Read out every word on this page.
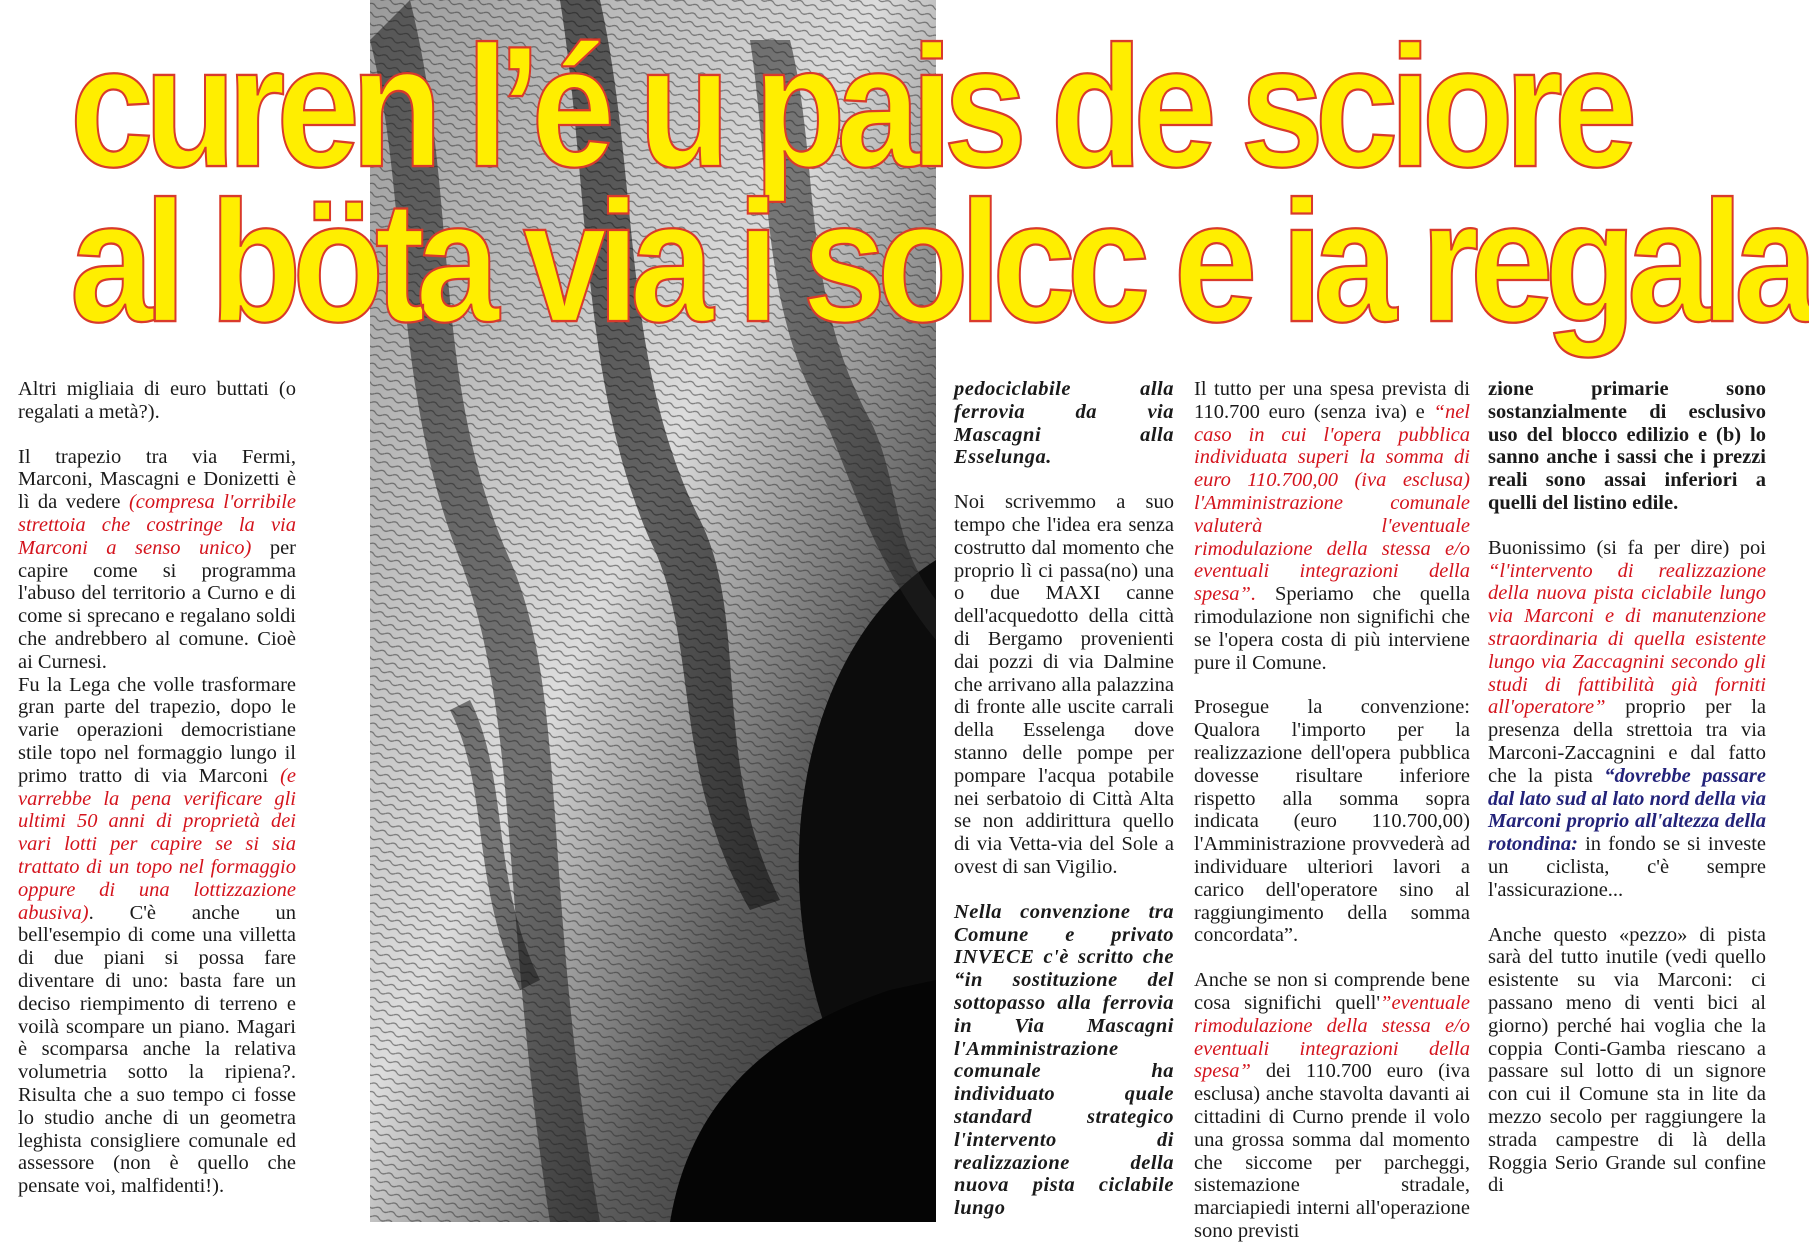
curen l’é u pais de sciore
al böta via i solcc e ia regala

Altri migliaia di euro buttati (o regalati a metà?).

Il trapezio tra via Fermi, Marconi, Mascagni e Donizetti è lì da vedere (compresa l'orribile strettoia che costringe la via Marconi a senso unico) per capire come si programma l'abuso del territorio a Curno e di come si sprecano e regalano soldi che andrebbero al comune. Cioè ai Curnesi.

Fu la Lega che volle trasformare gran parte del trapezio, dopo le varie operazioni democristiane stile topo nel formaggio lungo il primo tratto di via Marconi (e varrebbe la pena verificare gli ultimi 50 anni di proprietà dei vari lotti per capire se si sia trattato di un topo nel formaggio oppure di una lottizzazione abusiva). C'è anche un bell'esempio di come una villetta di due piani si possa fare diventare di uno: basta fare un deciso riempimento di terreno e voilà scompare un piano. Magari è scomparsa anche la relativa volumetria sotto la ripiena?. Risulta che a suo tempo ci fosse lo studio anche di un geometra leghista consigliere comunale ed assessore (non è quello che pensate voi, malfidenti!).

pedociclabile alla ferrovia da via Mascagni alla Esselunga.

Noi scrivemmo a suo tempo che l'idea era senza costrutto dal momento che proprio lì ci passa(no) una o due MAXI canne dell'acquedotto della città di Bergamo provenienti dai pozzi di via Dalmine che arrivano alla palazzina di fronte alle uscite carrali della Esselenga dove stanno delle pompe per pompare l'acqua potabile nei serbatoio di Città Alta se non addirittura quello di via Vetta-via del Sole a ovest di san Vigilio.

Nella convenzione tra Comune e privato INVECE c'è scritto che “in sostituzione del sottopasso alla ferrovia in Via Mascagni l'Amministrazione comunale ha individuato quale standard strategico l'intervento di realizzazione della nuova pista ciclabile lungo

Il tutto per una spesa prevista di 110.700 euro (senza iva) e “nel caso in cui l'opera pubblica individuata superi la somma di euro 110.700,00 (iva esclusa) l'Amministrazione comunale valuterà l'eventuale rimodulazione della stessa e/o eventuali integrazioni della spesa”. Speriamo che quella rimodulazione non significhi che se l'opera costa di più interviene pure il Comune.

Prosegue la convenzione: Qualora l'importo per la realizzazione dell'opera pubblica dovesse risultare inferiore rispetto alla somma sopra indicata (euro 110.700,00) l'Amministrazione provvederà ad individuare ulteriori lavori a carico dell'operatore sino al raggiungimento della somma concordata”.

Anche se non si comprende bene cosa significhi quell'”eventuale rimodulazione della stessa e/o eventuali integrazioni della spesa” dei 110.700 euro (iva esclusa) anche stavolta davanti ai cittadini di Curno prende il volo una grossa somma dal momento che siccome per parcheggi, sistemazione stradale, marciapiedi interni all'operazione sono previsti

zione primarie sono sostanzialmente di esclusivo uso del blocco edilizio e (b) lo sanno anche i sassi che i prezzi reali sono assai inferiori a quelli del listino edile.

Buonissimo (si fa per dire) poi “l'intervento di realizzazione della nuova pista ciclabile lungo via Marconi e di manutenzione straordinaria di quella esistente lungo via Zaccagnini secondo gli studi di fattibilità già forniti all'operatore” proprio per la presenza della strettoia tra via Marconi-Zaccagnini e dal fatto che la pista “dovrebbe passare dal lato sud al lato nord della via Marconi proprio all'altezza della rotondina: in fondo se si investe un ciclista, c'è sempre l'assicurazione...

Anche questo «pezzo» di pista sarà del tutto inutile (vedi quello esistente su via Marconi: ci passano meno di venti bici al giorno) perché hai voglia che la coppia Conti-Gamba riescano a passare sul lotto di un signore con cui il Comune sta in lite da mezzo secolo per raggiungere la strada campestre di là della Roggia Serio Grande sul confine di
